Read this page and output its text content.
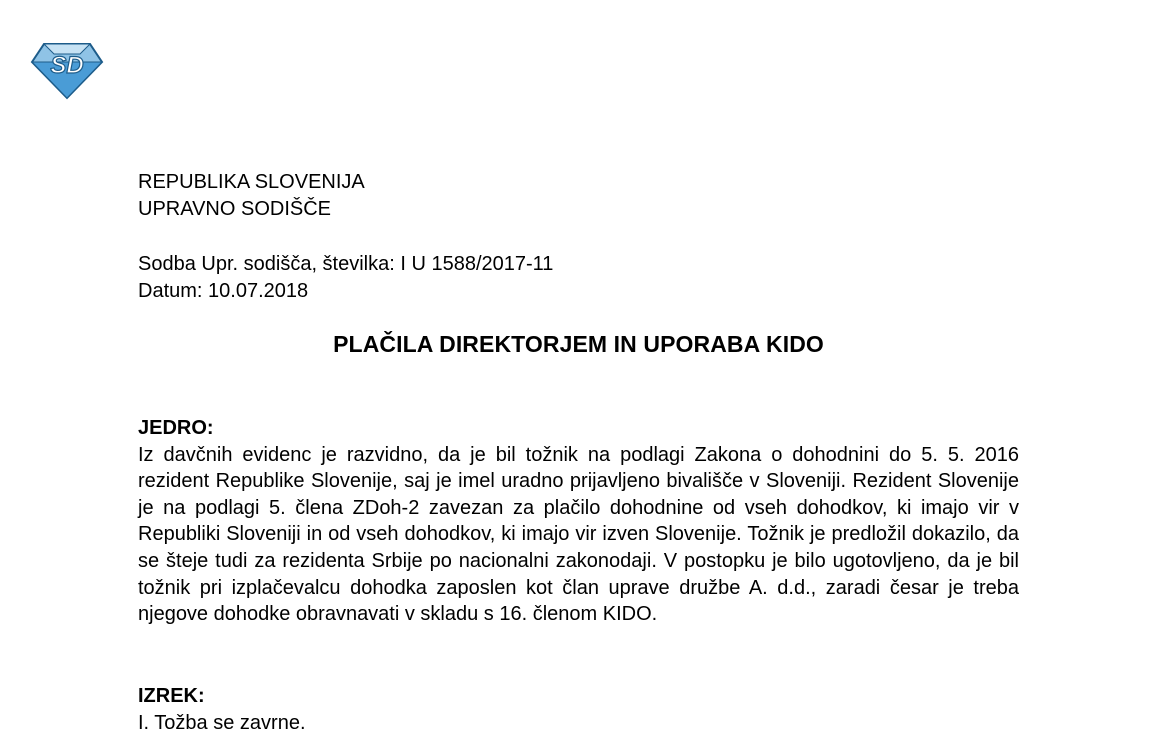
SD
REPUBLIKA SLOVENIJA
UPRAVNO SODIŠČE
Sodba Upr. sodišča, številka: I U 1588/2017-11
Datum: 10.07.2018
PLAČILA DIREKTORJEM IN UPORABA KIDO
JEDRO:
Iz davčnih evidenc je razvidno, da je bil tožnik na podlagi Zakona o dohodnini do 5. 5. 2016 rezident Republike Slovenije, saj je imel uradno prijavljeno bivališče v Sloveniji. Rezident Slovenije je na podlagi 5. člena ZDoh-2 zavezan za plačilo dohodnine od vseh dohodkov, ki imajo vir v Republiki Sloveniji in od vseh dohodkov, ki imajo vir izven Slovenije. Tožnik je predložil dokazilo, da se šteje tudi za rezidenta Srbije po nacionalni zakonodaji. V postopku je bilo ugotovljeno, da je bil tožnik pri izplačevalcu dohodka zaposlen kot član uprave družbe A. d.d., zaradi česar je treba njegove dohodke obravnavati v skladu s 16. členom KIDO.
IZREK:
I. Tožba se zavrne.
